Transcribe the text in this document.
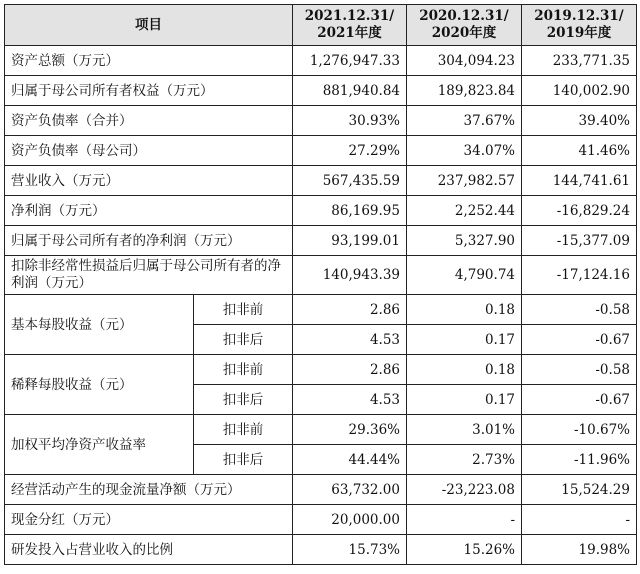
项目		2021.12.31/ 2021年度	2020.12.31/ 2020年度	2019.12.31/ 2019年度
资产总额（万元）		1,276,947.33	304,094.23	233,771.35
归属于母公司所有者权益（万元）		881,940.84	189,823.84	140,002.90
资产负债率（合并）		30.93%	37.67%	39.40%
资产负债率（母公司）		27.29%	34.07%	41.46%
营业收入（万元）		567,435.59	237,982.57	144,741.61
净利润（万元）		86,169.95	2,252.44	-16,829.24
归属于母公司所有者的净利润（万元）		93,199.01	5,327.90	-15,377.09
扣除非经常性损益后归属于母公司所有者的净利润（万元）		140,943.39	4,790.74	-17,124.16
基本每股收益（元）	扣非前	2.86	0.18	-0.58
	扣非后	4.53	0.17	-0.67
稀释每股收益（元）	扣非前	2.86	0.18	-0.58
	扣非后	4.53	0.17	-0.67
加权平均净资产收益率	扣非前	29.36%	3.01%	-10.67%
	扣非后	44.44%	2.73%	-11.96%
经营活动产生的现金流量净额（万元）		63,732.00	-23,223.08	15,524.29
现金分红（万元）		20,000.00	-	-
研发投入占营业收入的比例		15.73%	15.26%	19.98%
